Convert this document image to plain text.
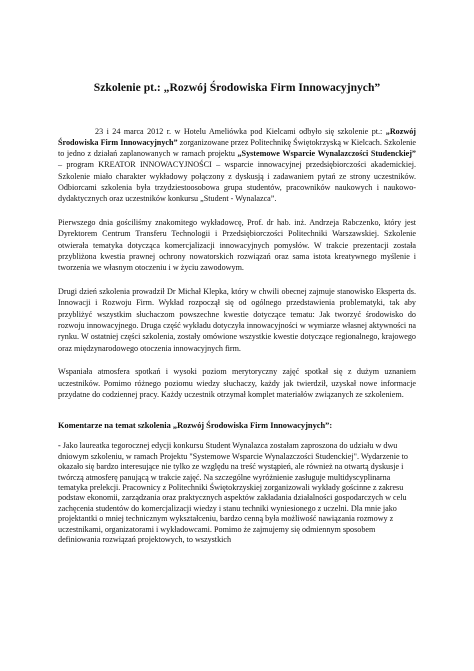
Szkolenie pt.: „Rozwój Środowiska Firm Innowacyjnych”

23 i 24 marca 2012 r. w Hotelu Ameliówka pod Kielcami odbyło się szkolenie pt.: „Rozwój Środowiska Firm Innowacyjnych” zorganizowane przez Politechnikę Świętokrzyską w Kielcach. Szkolenie to jedno z działań zaplanowanych w ramach projektu „Systemowe Wsparcie Wynalazczości Studenckiej” – program KREATOR INNOWACYJNOŚCI – wsparcie innowacyjnej przedsiębiorczości akademickiej. Szkolenie miało charakter wykładowy połączony z dyskusją i zadawaniem pytań ze strony uczestników. Odbiorcami szkolenia była trzydziestoosobowa grupa studentów, pracowników naukowych i naukowo-dydaktycznych oraz uczestników konkursu „Student - Wynalazca”.

Pierwszego dnia gościliśmy znakomitego wykładowcę, Prof. dr hab. inż. Andrzeja Rabczenko, który jest Dyrektorem Centrum Transferu Technologii i Przedsiębiorczości Politechniki Warszawskiej. Szkolenie otwierała tematyka dotycząca komercjalizacji innowacyjnych pomysłów. W trakcie prezentacji została przybliżona kwestia prawnej ochrony nowatorskich rozwiązań oraz sama istota kreatywnego myślenie i tworzenia we własnym otoczeniu i w życiu zawodowym.

Drugi dzień szkolenia prowadził Dr Michał Klepka, który w chwili obecnej zajmuje stanowisko Eksperta ds. Innowacji i Rozwoju Firm. Wykład rozpoczął się od ogólnego przedstawienia problematyki, tak aby przybliżyć wszystkim słuchaczom powszechne kwestie dotyczące tematu: Jak tworzyć środowisko do rozwoju innowacyjnego. Druga część wykładu dotyczyła innowacyjności w wymiarze własnej aktywności na rynku. W ostatniej części szkolenia, zostały omówione wszystkie kwestie dotyczące regionalnego, krajowego oraz międzynarodowego otoczenia innowacyjnych firm.

Wspaniała atmosfera spotkań i wysoki poziom merytoryczny zajęć spotkał się z dużym uznaniem uczestników. Pomimo różnego poziomu wiedzy słuchaczy, każdy jak twierdził, uzyskał nowe informacje przydatne do codziennej pracy. Każdy uczestnik otrzymał komplet materiałów związanych ze szkoleniem.

Komentarze na temat szkolenia „Rozwój Środowiska Firm Innowacyjnych”:
- Jako laureatka tegorocznej edycji konkursu Student Wynalazca zostałam zaproszona do udziału w dwu dniowym szkoleniu, w ramach Projektu "Systemowe Wsparcie Wynalazczości Studenckiej". Wydarzenie to okazało się bardzo interesujące nie tylko ze względu na treść wystąpień, ale również na otwartą dyskusje i twórczą atmosferę panującą w trakcie zajęć. Na szczególne wyróżnienie zasługuje multidyscyplinarna tematyka prelekcji. Pracownicy z Politechniki Świętokrzyskiej zorganizowali wykłady gościnne z zakresu podstaw ekonomii, zarządzania oraz praktycznych aspektów zakładania działalności gospodarczych w celu zachęcenia studentów do komercjalizacji wiedzy i stanu techniki wyniesionego z uczelni. Dla mnie jako projektantki o mniej technicznym wykształceniu, bardzo cenną była możliwość nawiązania rozmowy z uczestnikami, organizatorami i wykładowcami. Pomimo że zajmujemy się odmiennym sposobem definiowania rozwiązań projektowych, to wszystkich
